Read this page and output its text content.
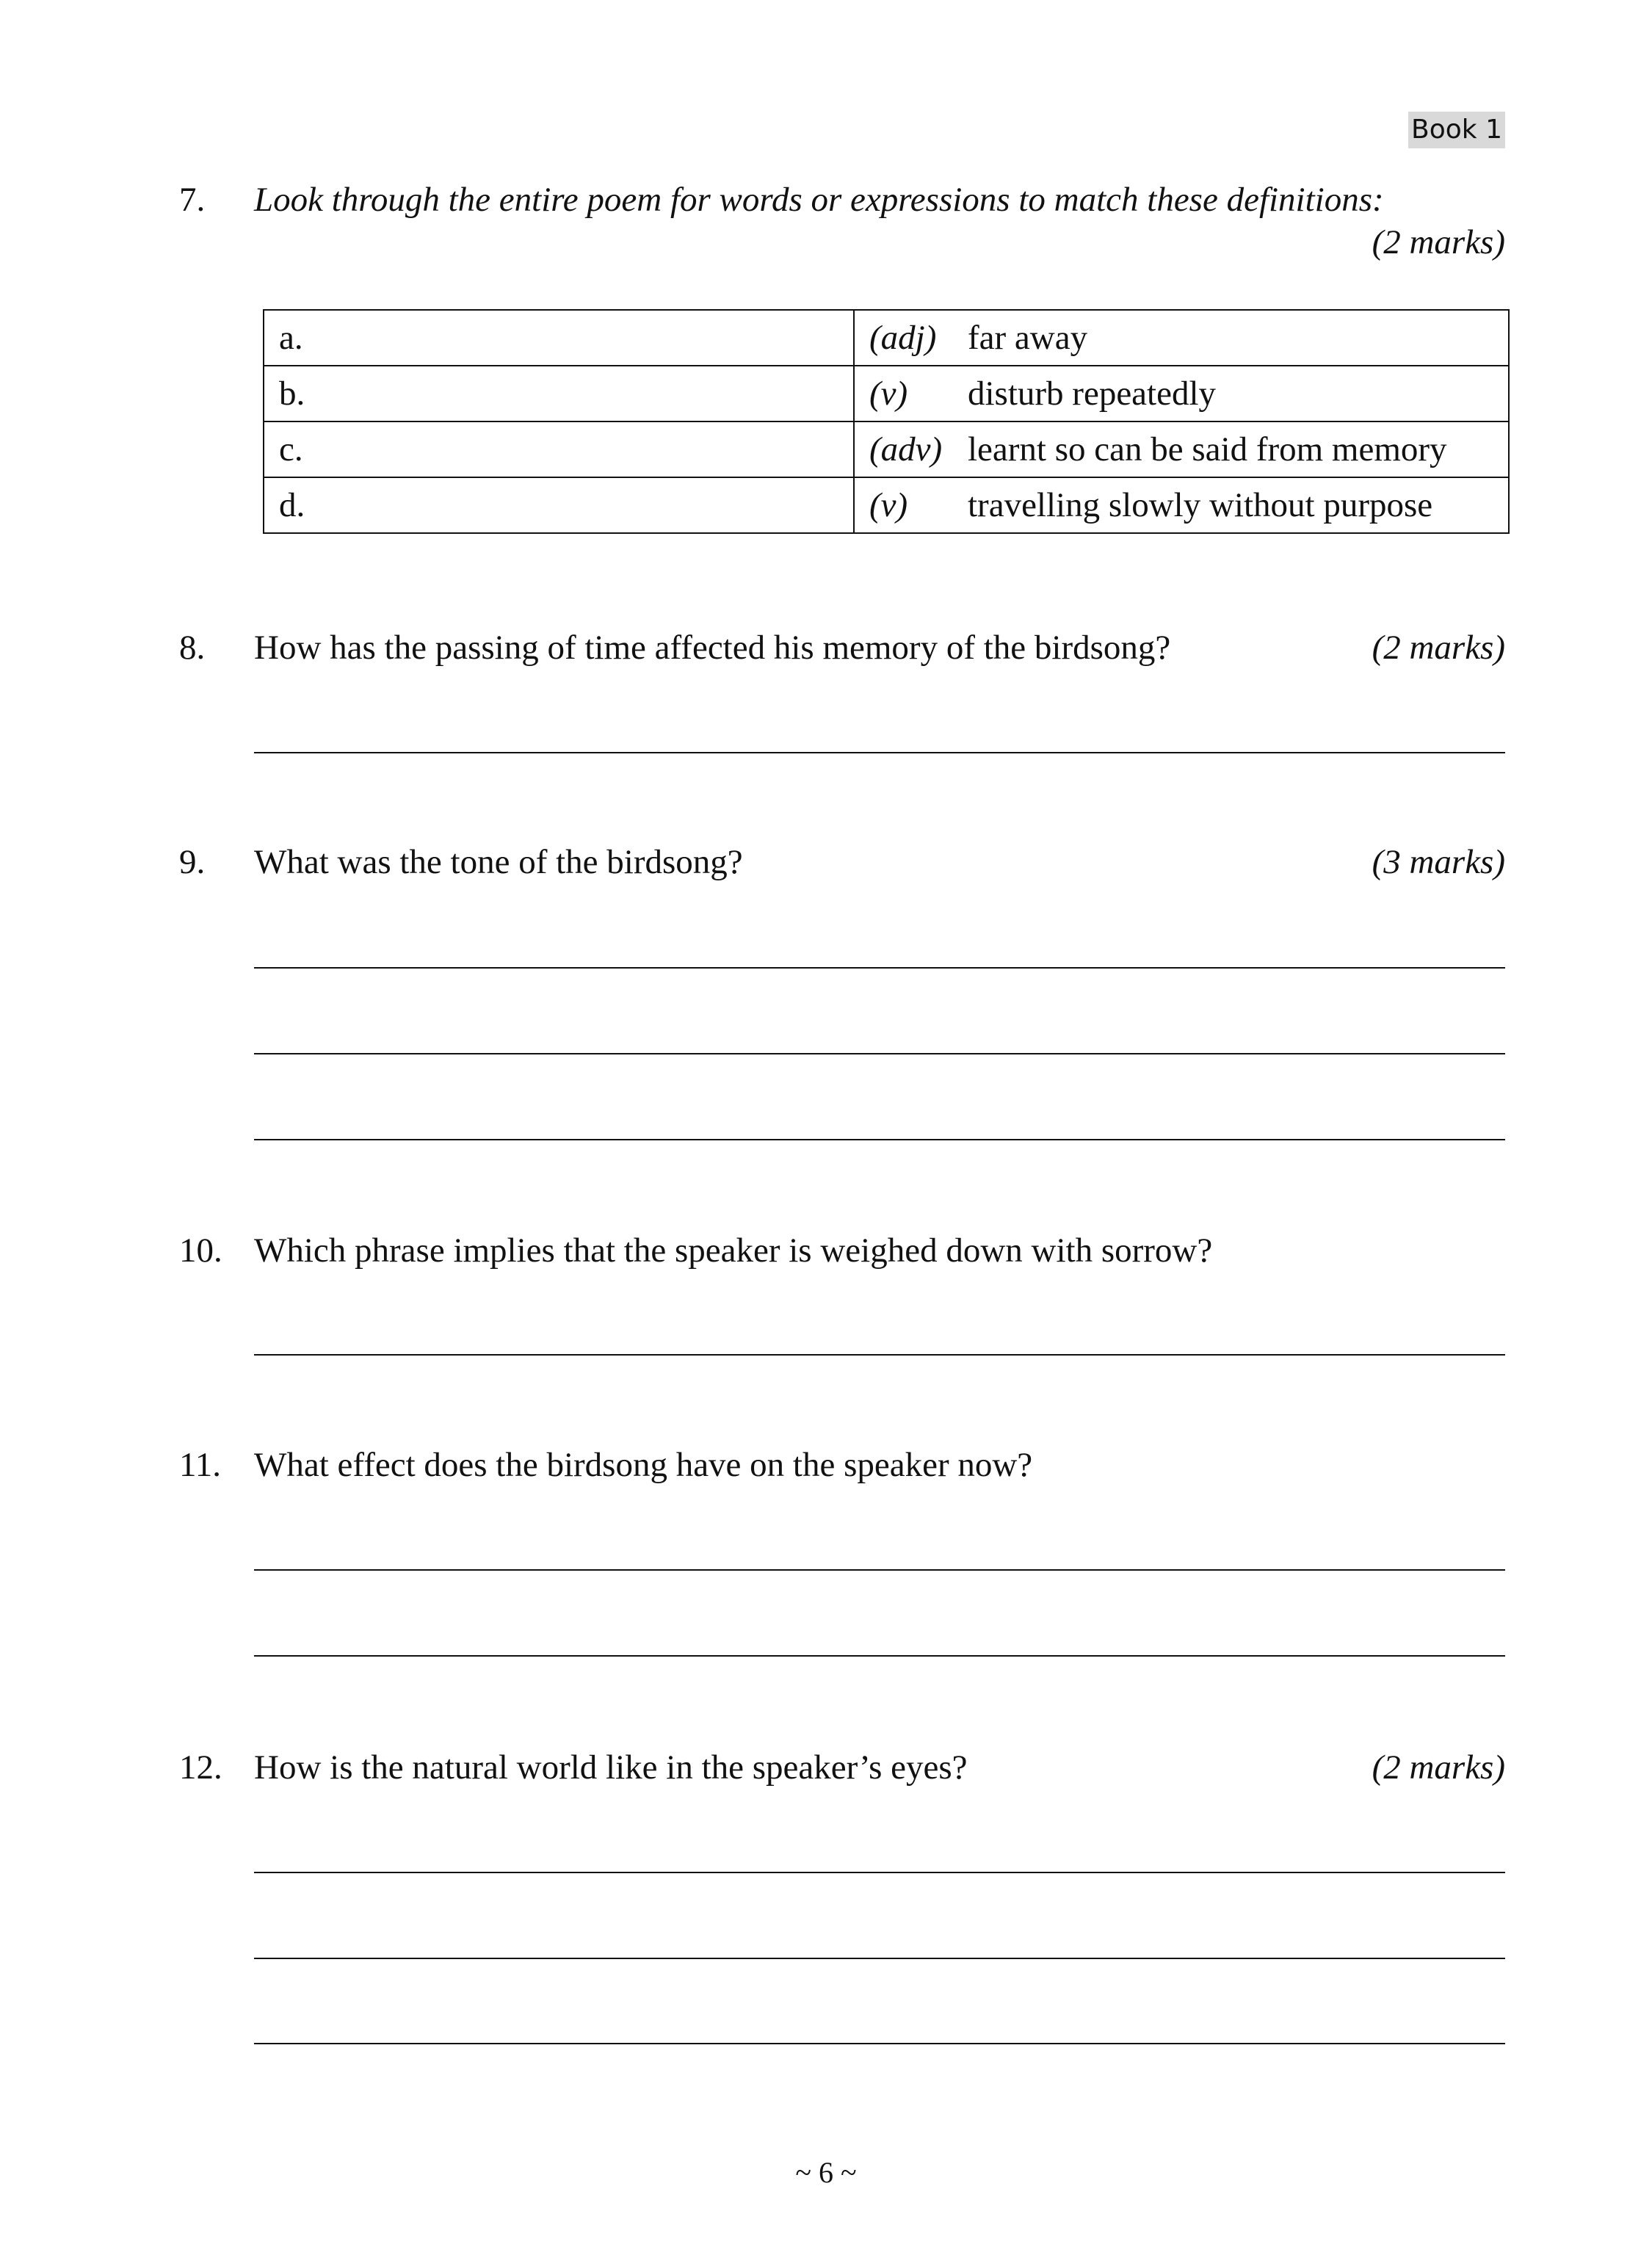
Book 1
7. Look through the entire poem for words or expressions to match these definitions:
(2 marks)
a.	(adj) far away
b.	(v) disturb repeatedly
c.	(adv) learnt so can be said from memory
d.	(v) travelling slowly without purpose
8. How has the passing of time affected his memory of the birdsong?	(2 marks)
9. What was the tone of the birdsong?	(3 marks)
10. Which phrase implies that the speaker is weighed down with sorrow?
11. What effect does the birdsong have on the speaker now?
12. How is the natural world like in the speaker’s eyes?	(2 marks)
~ 6 ~
